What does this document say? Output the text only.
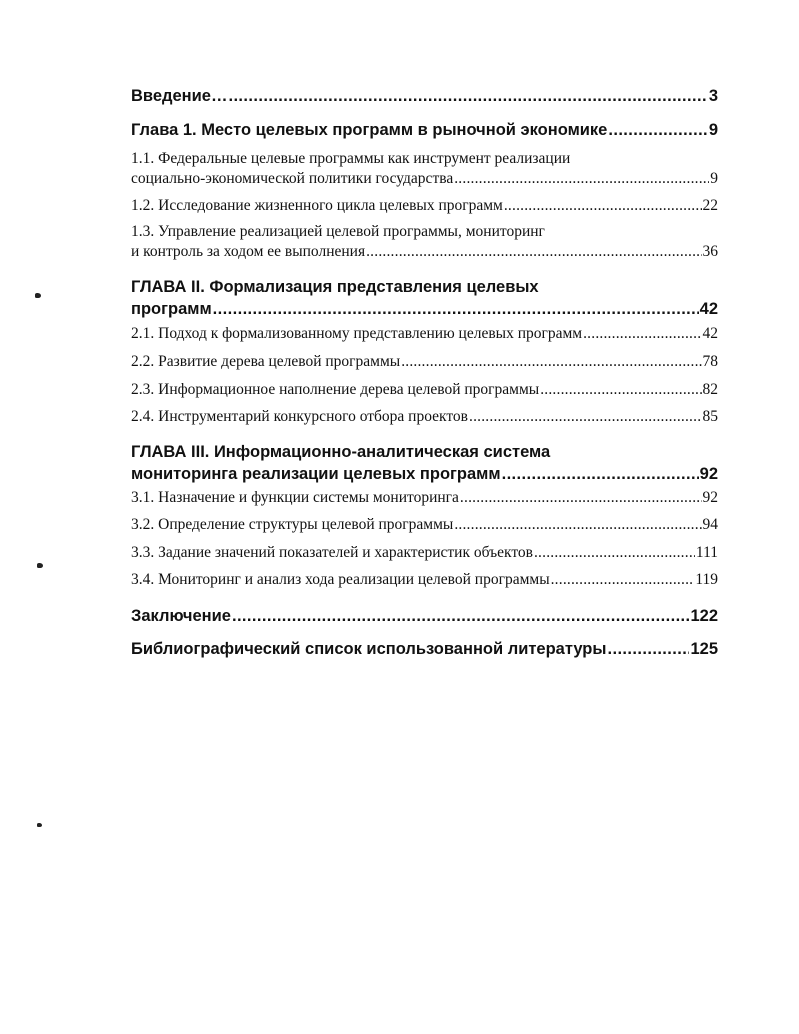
Введение… .....	3
Глава 1. Место целевых программ в рыночной экономике .....	9
1.1. Федеральные целевые программы как инструмент реализации
социально-экономической политики государства .....	9
1.2. Исследование жизненного цикла целевых программ .....	22
1.3. Управление реализацией целевой программы, мониторинг
и контроль за ходом ее выполнения .....	36
ГЛАВА II. Формализация представления целевых
программ .....	42
2.1. Подход к формализованному представлению целевых программ .....	42
2.2. Развитие дерева целевой программы .....	78
2.3. Информационное наполнение дерева целевой программы .....	82
2.4. Инструментарий конкурсного отбора проектов .....	85
ГЛАВА III. Информационно-аналитическая система
мониторинга реализации целевых программ .....	92
3.1. Назначение и функции системы мониторинга .....	92
3.2. Определение структуры целевой программы .....	94
3.3. Задание значений показателей и характеристик объектов .....	111
3.4. Мониторинг и анализ хода реализации целевой программы .....	119
Заключение .....	122
Библиографический список использованной литературы .....	125
